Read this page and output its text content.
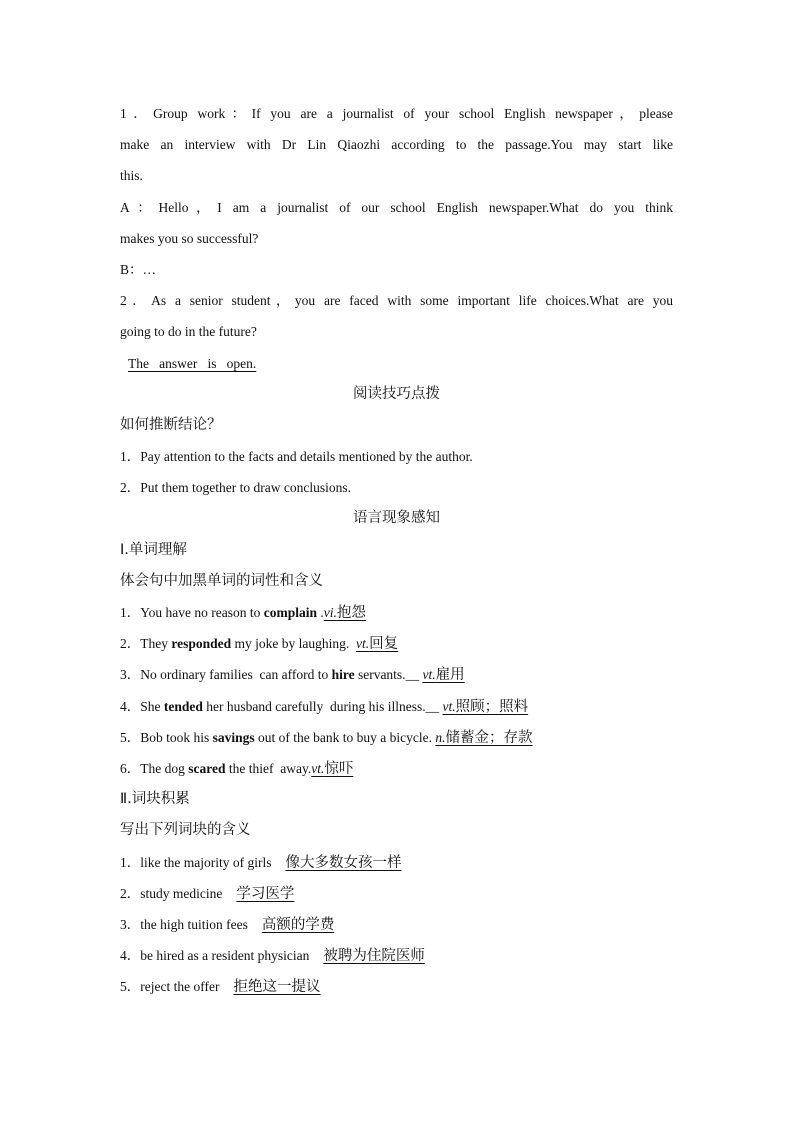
1．Group work：If you are a journalist of your school English newspaper，please
make an interview with Dr Lin Qiaozhi according to the passage.You may start like
this.
A：Hello，I am a journalist of our school English newspaper.What do you think
makes you so successful?
B：…
2．As a senior student，you are faced with some important life choices.What are you
going to do in the future?
The   answer   is   open.
阅读技巧点拨
如何推断结论？
1．Pay attention to the facts and details mentioned by the author.
2．Put them together to draw conclusions.
语言现象感知
Ⅰ.单词理解
体会句中加黑单词的词性和含义
1．You have no reason to complain .vi.抱怨
2．They responded my joke by laughing.  vt.回复
3．No ordinary families  can afford to hire servants.__ vt.雇用
4．She tended her husband carefully  during his illness.__ vt.照顾；照料
5．Bob took his savings out of the bank to buy a bicycle. n.储蓄金；存款
6．The dog scared the thief  away.vt.惊吓
Ⅱ.词块积累
写出下列词块的含义
1．like the majority of girls 像大多数女孩一样
2．study medicine 学习医学
3．the high tuition fees 高额的学费
4．be hired as a resident physician 被聘为住院医师
5．reject the offer 拒绝这一提议
